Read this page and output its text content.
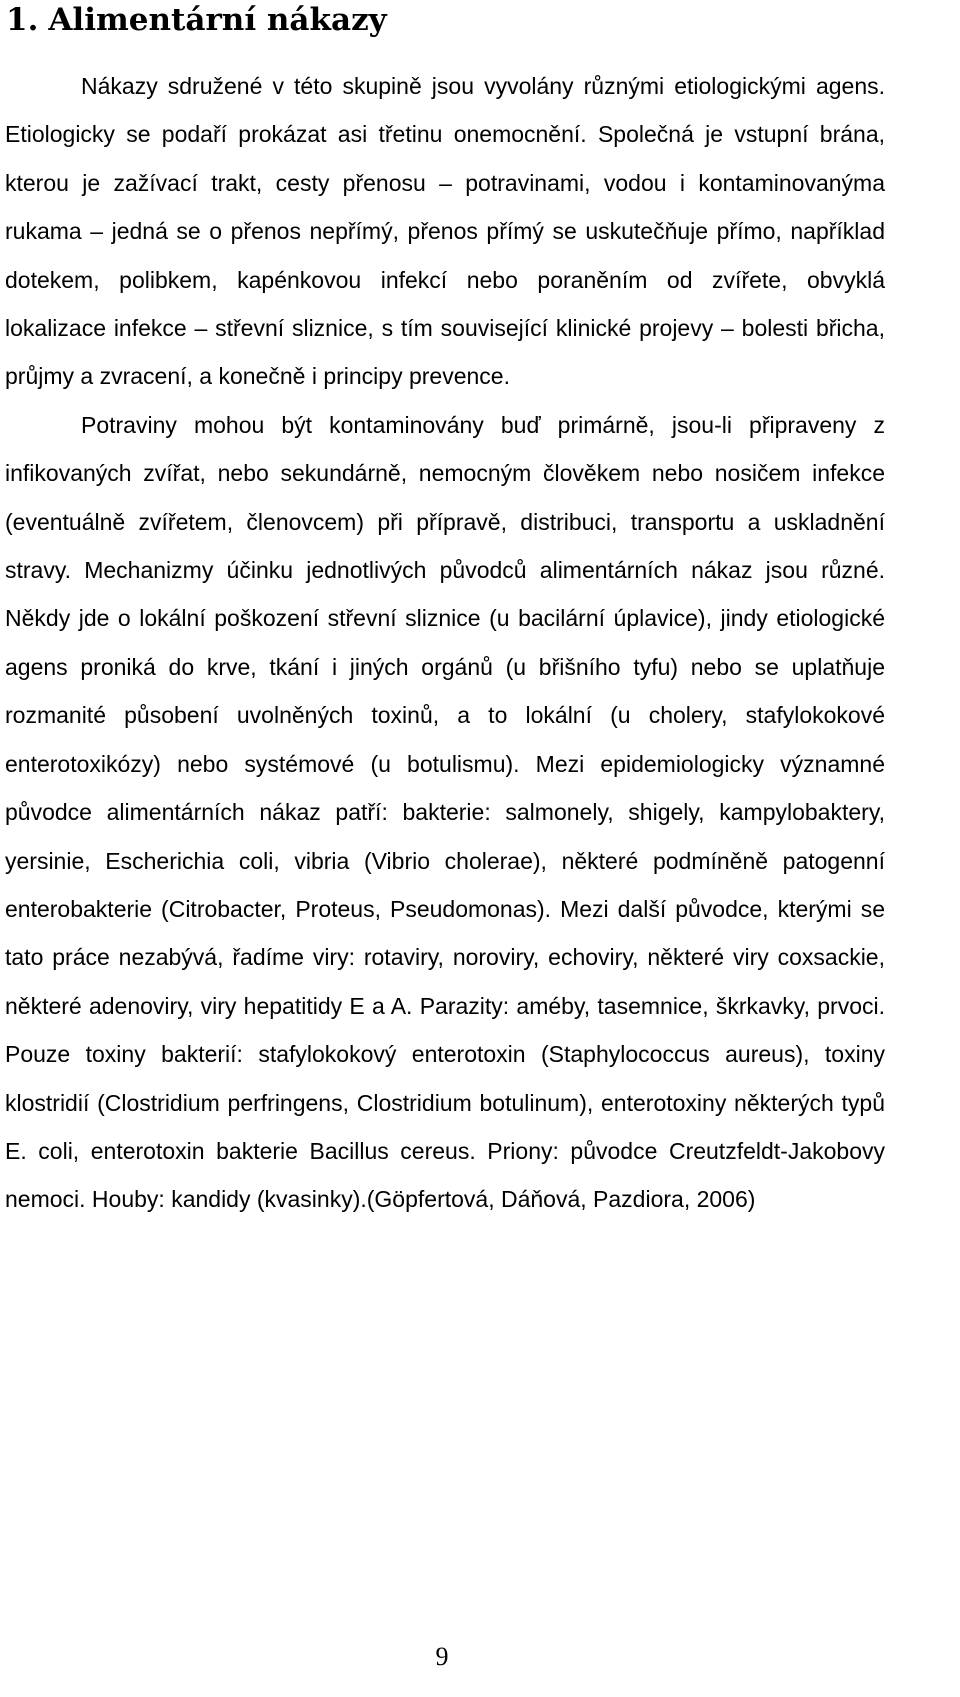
1. Alimentární nákazy

Nákazy sdružené v této skupině jsou vyvolány různými etiologickými agens. Etiologicky se podaří prokázat asi třetinu onemocnění. Společná je vstupní brána, kterou je zažívací trakt, cesty přenosu – potravinami, vodou i kontaminovanýma rukama – jedná se o přenos nepřímý, přenos přímý se uskutečňuje přímo, například dotekem, polibkem, kapénkovou infekcí nebo poraněním od zvířete, obvyklá lokalizace infekce – střevní sliznice, s tím související klinické projevy – bolesti břicha, průjmy a zvracení, a konečně i principy prevence.

Potraviny mohou být kontaminovány buď primárně, jsou-li připraveny z infikovaných zvířat, nebo sekundárně, nemocným člověkem nebo nosičem infekce (eventuálně zvířetem, členovcem) při přípravě, distribuci, transportu a uskladnění stravy. Mechanizmy účinku jednotlivých původců alimentárních nákaz jsou různé. Někdy jde o lokální poškození střevní sliznice (u bacilární úplavice), jindy etiologické agens proniká do krve, tkání i jiných orgánů (u břišního tyfu) nebo se uplatňuje rozmanité působení uvolněných toxinů, a to lokální (u cholery, stafylokokové enterotoxikózy) nebo systémové (u botulismu). Mezi epidemiologicky významné původce alimentárních nákaz patří: bakterie: salmonely, shigely, kampylobaktery, yersinie, Escherichia coli, vibria (Vibrio cholerae), některé podmíněně patogenní enterobakterie (Citrobacter, Proteus, Pseudomonas). Mezi další původce, kterými se tato práce nezabývá, řadíme viry: rotaviry, noroviry, echoviry, některé viry coxsackie, některé adenoviry, viry hepatitidy E a A. Parazity: améby, tasemnice, škrkavky, prvoci. Pouze toxiny bakterií: stafylokokový enterotoxin (Staphylococcus aureus), toxiny klostridií (Clostridium perfringens, Clostridium botulinum), enterotoxiny některých typů E. coli, enterotoxin bakterie Bacillus cereus. Priony: původce Creutzfeldt-Jakobovy nemoci. Houby: kandidy (kvasinky).(Göpfertová, Dáňová, Pazdiora, 2006)

9
